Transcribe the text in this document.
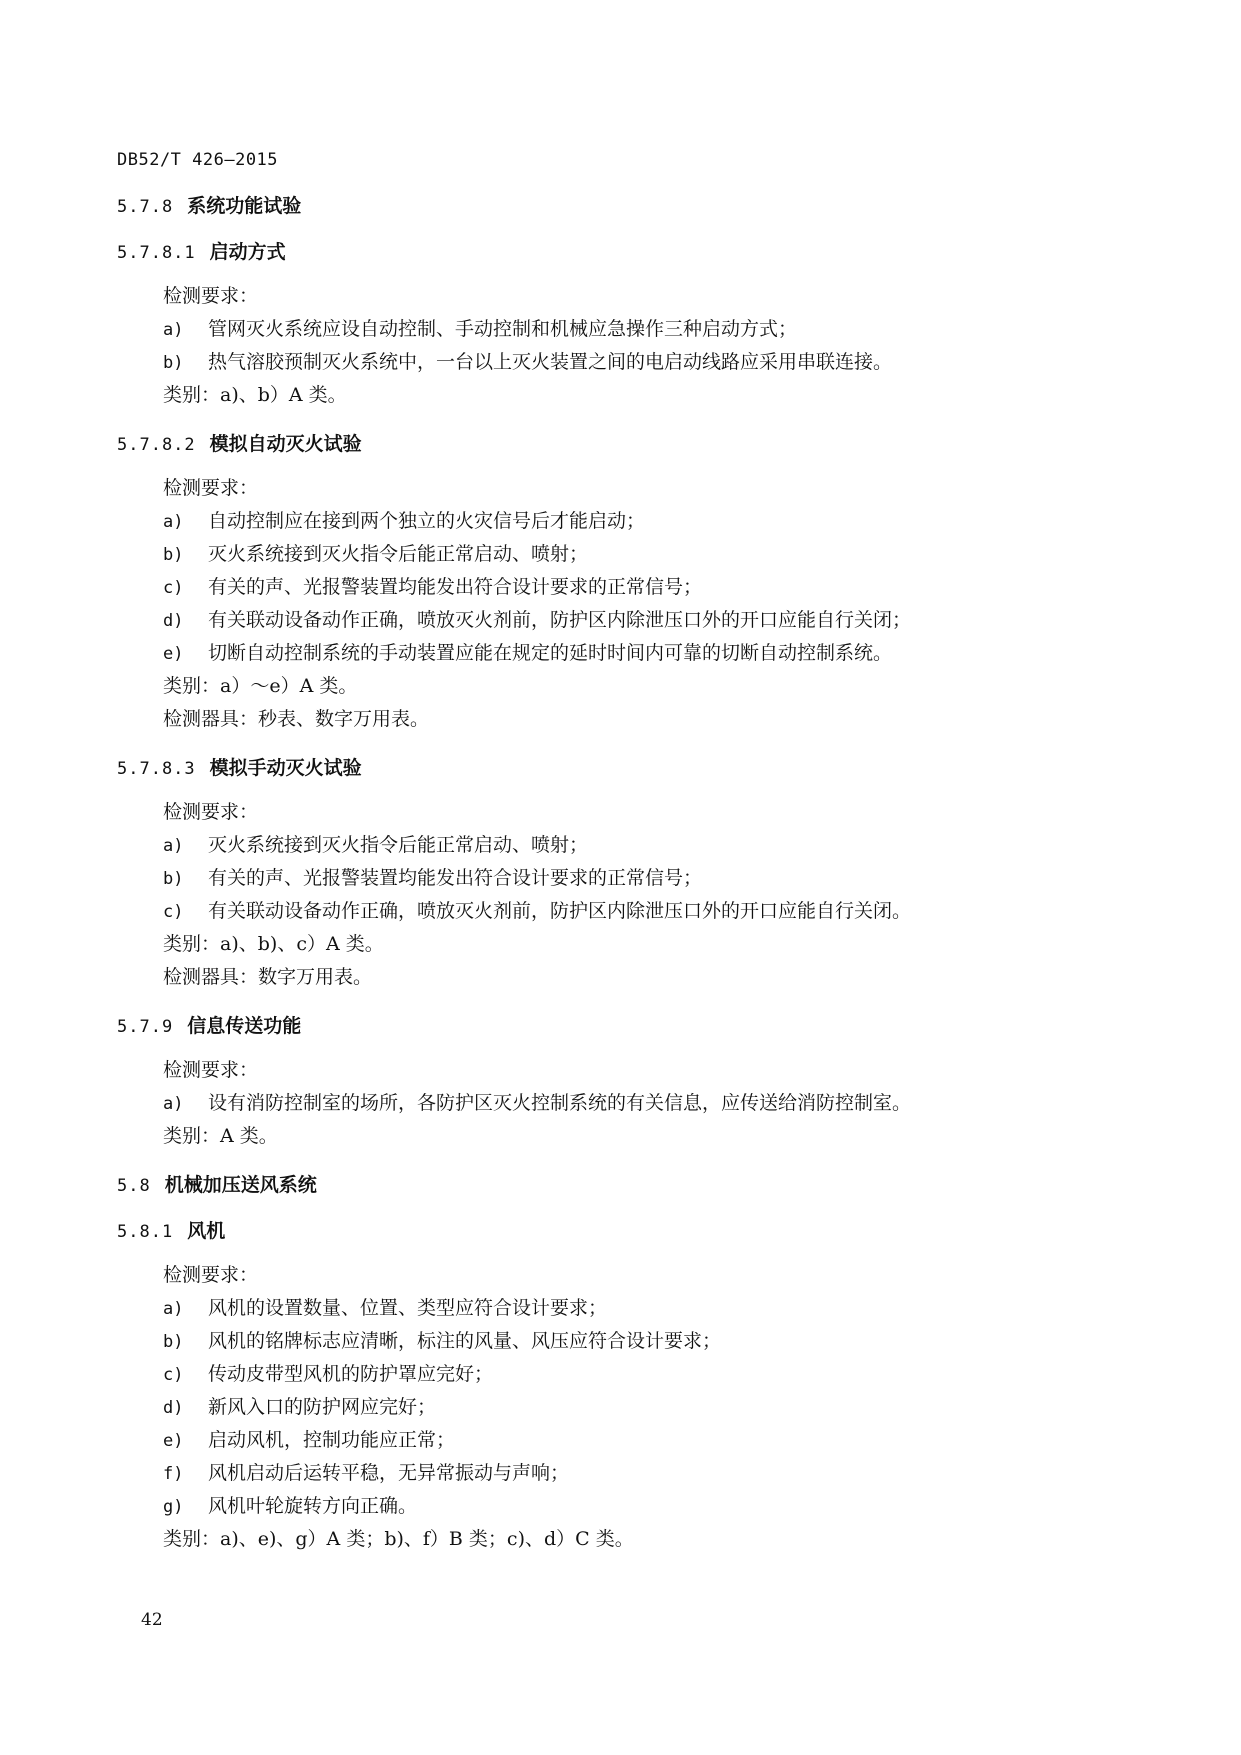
DB52/T 426—2015
5.7.8 系统功能试验
5.7.8.1 启动方式
检测要求：
a) 管网灭火系统应设自动控制、手动控制和机械应急操作三种启动方式；
b) 热气溶胶预制灭火系统中，一台以上灭火装置之间的电启动线路应采用串联连接。
类别：a)、b）A 类。
5.7.8.2 模拟自动灭火试验
检测要求：
a) 自动控制应在接到两个独立的火灾信号后才能启动；
b) 灭火系统接到灭火指令后能正常启动、喷射；
c) 有关的声、光报警装置均能发出符合设计要求的正常信号；
d) 有关联动设备动作正确，喷放灭火剂前，防护区内除泄压口外的开口应能自行关闭；
e) 切断自动控制系统的手动装置应能在规定的延时时间内可靠的切断自动控制系统。
类别：a）～e）A 类。
检测器具：秒表、数字万用表。
5.7.8.3 模拟手动灭火试验
检测要求：
a) 灭火系统接到灭火指令后能正常启动、喷射；
b) 有关的声、光报警装置均能发出符合设计要求的正常信号；
c) 有关联动设备动作正确，喷放灭火剂前，防护区内除泄压口外的开口应能自行关闭。
类别：a)、b)、c）A 类。
检测器具：数字万用表。
5.7.9 信息传送功能
检测要求：
a) 设有消防控制室的场所，各防护区灭火控制系统的有关信息，应传送给消防控制室。
类别：A 类。
5.8 机械加压送风系统
5.8.1 风机
检测要求：
a) 风机的设置数量、位置、类型应符合设计要求；
b) 风机的铭牌标志应清晰，标注的风量、风压应符合设计要求；
c) 传动皮带型风机的防护罩应完好；
d) 新风入口的防护网应完好；
e) 启动风机，控制功能应正常；
f) 风机启动后运转平稳，无异常振动与声响；
g) 风机叶轮旋转方向正确。
类别：a)、e)、g）A 类；b)、f）B 类；c)、d）C 类。
42
